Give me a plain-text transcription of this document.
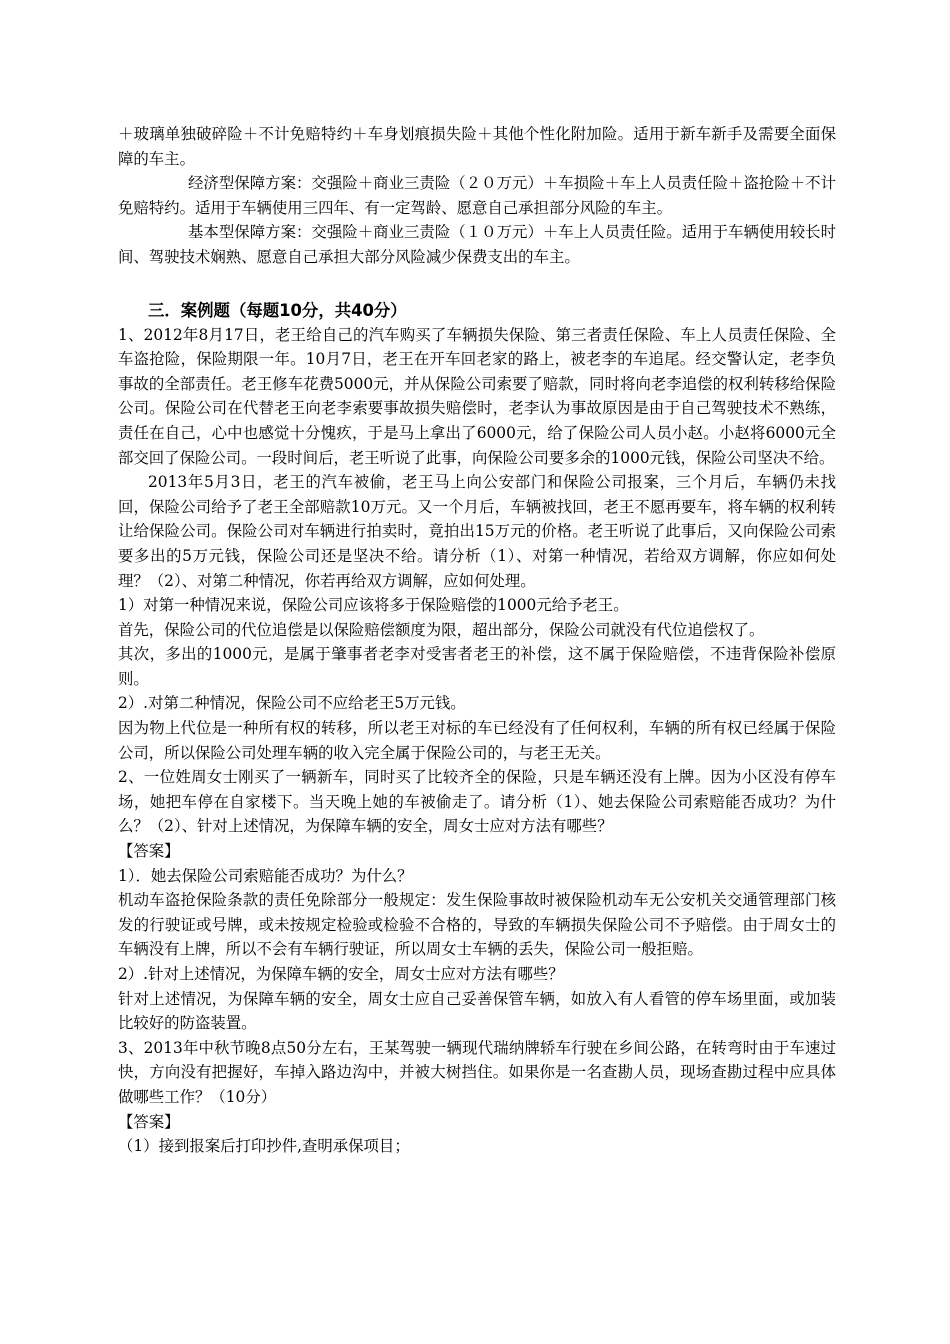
＋玻璃单独破碎险＋不计免赔特约＋车身划痕损失险＋其他个性化附加险。适用于新车新手及需要全面保障的车主。

经济型保障方案：交强险＋商业三责险（２０万元）＋车损险＋车上人员责任险＋盗抢险＋不计免赔特约。适用于车辆使用三四年、有一定驾龄、愿意自己承担部分风险的车主。

基本型保障方案：交强险＋商业三责险（１０万元）＋车上人员责任险。适用于车辆使用较长时间、驾驶技术娴熟、愿意自己承担大部分风险减少保费支出的车主。

三．案例题（每题10分，共40分）

1、2012年8月17日，老王给自己的汽车购买了车辆损失保险、第三者责任保险、车上人员责任保险、全车盗抢险，保险期限一年。10月7日，老王在开车回老家的路上，被老李的车追尾。经交警认定，老李负事故的全部责任。老王修车花费5000元，并从保险公司索要了赔款，同时将向老李追偿的权利转移给保险公司。保险公司在代替老王向老李索要事故损失赔偿时，老李认为事故原因是由于自己驾驶技术不熟练，责任在自己，心中也感觉十分愧疚，于是马上拿出了6000元，给了保险公司人员小赵。小赵将6000元全部交回了保险公司。一段时间后，老王听说了此事，向保险公司要多余的1000元钱，保险公司坚决不给。

2013年5月3日，老王的汽车被偷，老王马上向公安部门和保险公司报案，三个月后，车辆仍未找回，保险公司给予了老王全部赔款10万元。又一个月后，车辆被找回，老王不愿再要车，将车辆的权利转让给保险公司。保险公司对车辆进行拍卖时，竟拍出15万元的价格。老王听说了此事后，又向保险公司索要多出的5万元钱，保险公司还是坚决不给。请分析（1）、对第一种情况，若给双方调解，你应如何处理？（2）、对第二种情况，你若再给双方调解，应如何处理。

1）对第一种情况来说，保险公司应该将多于保险赔偿的1000元给予老王。

首先，保险公司的代位追偿是以保险赔偿额度为限，超出部分，保险公司就没有代位追偿权了。

其次，多出的1000元，是属于肇事者老李对受害者老王的补偿，这不属于保险赔偿，不违背保险补偿原则。

2）.对第二种情况，保险公司不应给老王5万元钱。

因为物上代位是一种所有权的转移，所以老王对标的车已经没有了任何权利，车辆的所有权已经属于保险公司，所以保险公司处理车辆的收入完全属于保险公司的，与老王无关。

2、一位姓周女士刚买了一辆新车，同时买了比较齐全的保险，只是车辆还没有上牌。因为小区没有停车场，她把车停在自家楼下。当天晚上她的车被偷走了。请分析（1）、她去保险公司索赔能否成功？为什么？（2）、针对上述情况，为保障车辆的安全，周女士应对方法有哪些？

【答案】

1）．她去保险公司索赔能否成功？为什么？

机动车盗抢保险条款的责任免除部分一般规定：发生保险事故时被保险机动车无公安机关交通管理部门核发的行驶证或号牌，或未按规定检验或检验不合格的，导致的车辆损失保险公司不予赔偿。由于周女士的车辆没有上牌，所以不会有车辆行驶证，所以周女士车辆的丢失，保险公司一般拒赔。

2）.针对上述情况，为保障车辆的安全，周女士应对方法有哪些？

针对上述情况，为保障车辆的安全，周女士应自己妥善保管车辆，如放入有人看管的停车场里面，或加装比较好的防盗装置。

3、2013年中秋节晚8点50分左右，王某驾驶一辆现代瑞纳牌轿车行驶在乡间公路，在转弯时由于车速过快，方向没有把握好，车掉入路边沟中，并被大树挡住。如果你是一名查勘人员，现场查勘过程中应具体做哪些工作？（10分）

【答案】

（1）接到报案后打印抄件,查明承保项目；
